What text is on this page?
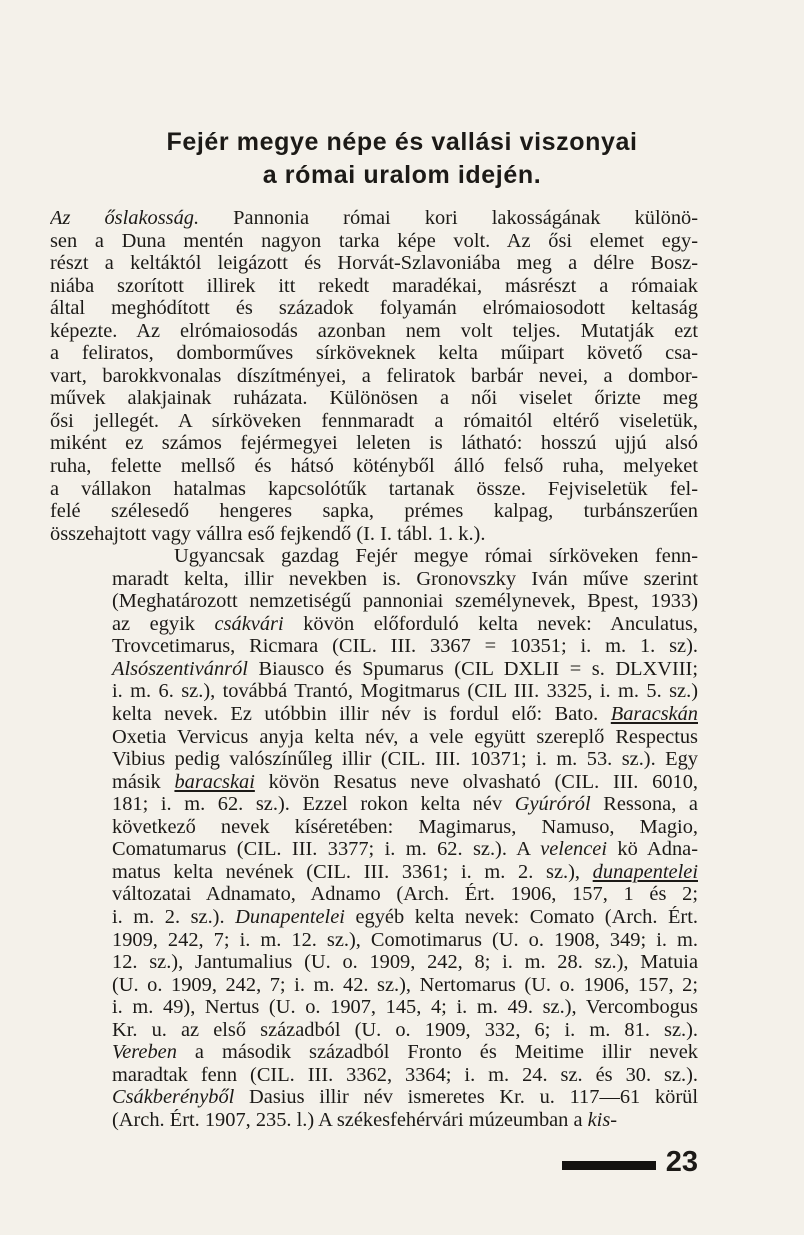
Fejér megye népe és vallási viszonyai
a római uralom idején.

Az őslakosság. Pannonia római kori lakosságának különö-
sen a Duna mentén nagyon tarka képe volt. Az ősi elemet egy-
részt a keltáktól leigázott és Horvát-Szlavoniába meg a délre Bosz-
niába szorított illirek itt rekedt maradékai, másrészt a rómaiak
által meghódított és századok folyamán elrómaiosodott keltaság
képezte. Az elrómaiosodás azonban nem volt teljes. Mutatják ezt
a feliratos, domborműves sírköveknek kelta műipart követő csa-
vart, barokkvonalas díszítményei, a feliratok barbár nevei, a dombor-
művek alakjainak ruházata. Különösen a női viselet őrizte meg
ősi jellegét. A sírköveken fennmaradt a rómaitól eltérő viseletük,
miként ez számos fejérmegyei leleten is látható: hosszú ujjú alsó
ruha, felette mellső és hátsó kötényből álló felső ruha, melyeket
a vállakon hatalmas kapcsolótűk tartanak össze. Fejviseletük fel-
felé szélesedő hengeres sapka, prémes kalpag, turbánszerűen
összehajtott vagy vállra eső fejkendő (I. I. tábl. 1. k.).

Ugyancsak gazdag Fejér megye római sírköveken fenn-
maradt kelta, illir nevekben is. Gronovszky Iván műve szerint
(Meghatározott nemzetiségű pannoniai személynevek, Bpest, 1933)
az egyik csákvári kövön előforduló kelta nevek: Anculatus,
Trovcetimarus, Ricmara (CIL. III. 3367 = 10351; i. m. 1. sz).
Alsószentivánról Biausco és Spumarus (CIL DXLII = s. DLXVIII;
i. m. 6. sz.), továbbá Trantó, Mogitmarus (CIL III. 3325, i. m. 5. sz.)
kelta nevek. Ez utóbbin illir név is fordul elő: Bato. Baracskán
Oxetia Vervicus anyja kelta név, a vele együtt szereplő Respectus
Vibius pedig valószínűleg illir (CIL. III. 10371; i. m. 53. sz.). Egy
másik baracskai kövön Resatus neve olvasható (CIL. III. 6010,
181; i. m. 62. sz.). Ezzel rokon kelta név Gyúróról Ressona, a
következő nevek kíséretében: Magimarus, Namuso, Magio,
Comatumarus (CIL. III. 3377; i. m. 62. sz.). A velencei kö Adna-
matus kelta nevének (CIL. III. 3361; i. m. 2. sz.), dunapentelei
változatai Adnamato, Adnamo (Arch. Ért. 1906, 157, 1 és 2;
i. m. 2. sz.). Dunapentelei egyéb kelta nevek: Comato (Arch. Ért.
1909, 242, 7; i. m. 12. sz.), Comotimarus (U. o. 1908, 349; i. m.
12. sz.), Jantumalius (U. o. 1909, 242, 8; i. m. 28. sz.), Matuia
(U. o. 1909, 242, 7; i. m. 42. sz.), Nertomarus (U. o. 1906, 157, 2;
i. m. 49), Nertus (U. o. 1907, 145, 4; i. m. 49. sz.), Vercombogus
Kr. u. az első századból (U. o. 1909, 332, 6; i. m. 81. sz.).
Vereben a második századból Fronto és Meitime illir nevek
maradtak fenn (CIL. III. 3362, 3364; i. m. 24. sz. és 30. sz.).
Csákberényből Dasius illir név ismeretes Kr. u. 117—61 körül
(Arch. Ért. 1907, 235. l.) A székesfehérvári múzeumban a kis-

23
